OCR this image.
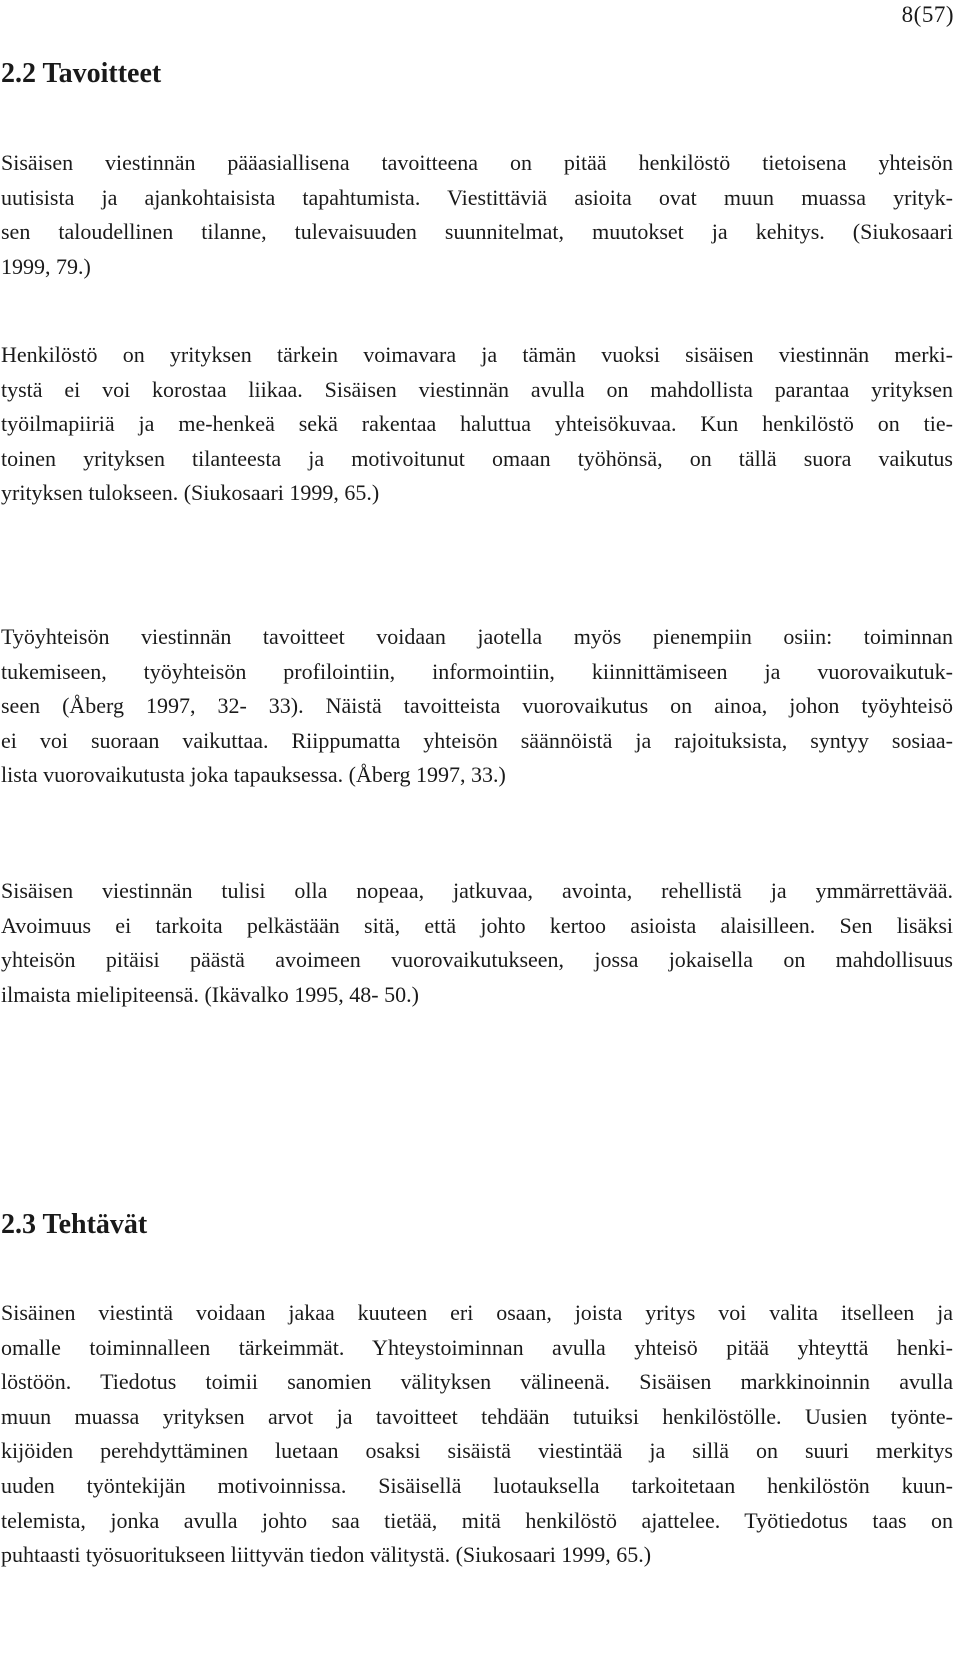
8(57)
2.2 Tavoitteet

Sisäisen viestinnän pääasiallisena tavoitteena on pitää henkilöstö tietoisena yhteisön
uutisista ja ajankohtaisista tapahtumista. Viestittäviä asioita ovat muun muassa yrityk-
sen taloudellinen tilanne, tulevaisuuden suunnitelmat, muutokset ja kehitys. (Siukosaari
1999, 79.)

Henkilöstö on yrityksen tärkein voimavara ja tämän vuoksi sisäisen viestinnän merki-
tystä ei voi korostaa liikaa. Sisäisen viestinnän avulla on mahdollista parantaa yrityksen
työilmapiiriä ja me-henkeä sekä rakentaa haluttua yhteisökuvaa. Kun henkilöstö on tie-
toinen yrityksen tilanteesta ja motivoitunut omaan työhönsä, on tällä suora vaikutus
yrityksen tulokseen. (Siukosaari 1999, 65.)

Työyhteisön viestinnän tavoitteet voidaan jaotella myös pienempiin osiin: toiminnan
tukemiseen, työyhteisön profilointiin, informointiin, kiinnittämiseen ja vuorovaikutuk-
seen (Åberg 1997, 32- 33). Näistä tavoitteista vuorovaikutus on ainoa, johon työyhteisö
ei voi suoraan vaikuttaa. Riippumatta yhteisön säännöistä ja rajoituksista, syntyy sosiaa-
lista vuorovaikutusta joka tapauksessa. (Åberg 1997, 33.)

Sisäisen viestinnän tulisi olla nopeaa, jatkuvaa, avointa, rehellistä ja ymmärrettävää.
Avoimuus ei tarkoita pelkästään sitä, että johto kertoo asioista alaisilleen. Sen lisäksi
yhteisön pitäisi päästä avoimeen vuorovaikutukseen, jossa jokaisella on mahdollisuus
ilmaista mielipiteensä. (Ikävalko 1995, 48- 50.)

2.3 Tehtävät

Sisäinen viestintä voidaan jakaa kuuteen eri osaan, joista yritys voi valita itselleen ja
omalle toiminnalleen tärkeimmät. Yhteystoiminnan avulla yhteisö pitää yhteyttä henki-
löstöön. Tiedotus toimii sanomien välityksen välineenä. Sisäisen markkinoinnin avulla
muun muassa yrityksen arvot ja tavoitteet tehdään tutuiksi henkilöstölle. Uusien työnte-
kijöiden perehdyttäminen luetaan osaksi sisäistä viestintää ja sillä on suuri merkitys
uuden työntekijän motivoinnissa. Sisäisellä luotauksella tarkoitetaan henkilöstön kuun-
telemista, jonka avulla johto saa tietää, mitä henkilöstö ajattelee. Työtiedotus taas on
puhtaasti työsuoritukseen liittyvän tiedon välitystä. (Siukosaari 1999, 65.)
